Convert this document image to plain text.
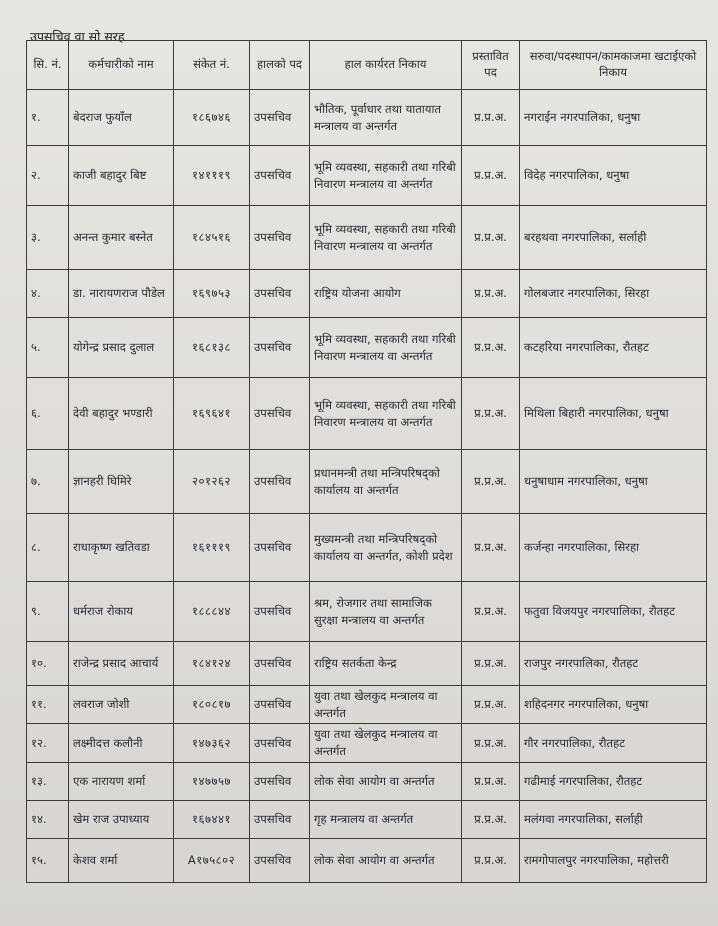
उपसचिव वा सो सरह
सि. नं.	कर्मचारीको नाम	संकेत नं.	हालको पद	हाल कार्यरत निकाय	प्रस्तावित पद	सरुवा/पदस्थापन/कामकाजमा खटाईएको निकाय
१.	बेदराज फुयाँल	१८६७४६	उपसचिव	भौतिक, पूर्वाधार तथा यातायात मन्त्रालय वा अन्तर्गत	प्र.प्र.अ.	नगराईन नगरपालिका, धनुषा
२.	काजी बहादुर बिष्ट	१४१११९	उपसचिव	भूमि व्यवस्था, सहकारी तथा गरिबी निवारण मन्त्रालय वा अन्तर्गत	प्र.प्र.अ.	विदेह नगरपालिका, धनुषा
३.	अनन्त कुमार बस्नेत	१८४५१६	उपसचिव	भूमि व्यवस्था, सहकारी तथा गरिबी निवारण मन्त्रालय वा अन्तर्गत	प्र.प्र.अ.	बरहथवा नगरपालिका, सर्लाही
४.	डा. नारायणराज पौडेल	१६९७५३	उपसचिव	राष्ट्रिय योजना आयोग	प्र.प्र.अ.	गोलबजार नगरपालिका, सिरहा
५.	योगेन्द्र प्रसाद दुलाल	१६८१३८	उपसचिव	भूमि व्यवस्था, सहकारी तथा गरिबी निवारण मन्त्रालय वा अन्तर्गत	प्र.प्र.अ.	कटहरिया नगरपालिका, रौतहट
६.	देवी बहादुर भण्डारी	१६९६४१	उपसचिव	भूमि व्यवस्था, सहकारी तथा गरिबी निवारण मन्त्रालय वा अन्तर्गत	प्र.प्र.अ.	मिथिला बिहारी नगरपालिका, धनुषा
७.	ज्ञानहरी घिमिरे	२०१२६२	उपसचिव	प्रधानमन्त्री तथा मन्त्रिपरिषद्को कार्यालय वा अन्तर्गत	प्र.प्र.अ.	धनुषाधाम नगरपालिका, धनुषा
८.	राधाकृष्ण खतिवडा	१६१११९	उपसचिव	मुख्यमन्त्री तथा मन्त्रिपरिषद्को कार्यालय वा अन्तर्गत, कोशी प्रदेश	प्र.प्र.अ.	कर्जन्हा नगरपालिका, सिरहा
९.	धर्मराज रोकाय	१८८८४४	उपसचिव	श्रम, रोजगार तथा सामाजिक सुरक्षा मन्त्रालय वा अन्तर्गत	प्र.प्र.अ.	फतुवा विजयपुर नगरपालिका, रौतहट
१०.	राजेन्द्र प्रसाद आचार्य	१८४१२४	उपसचिव	राष्ट्रिय सतर्कता केन्द्र	प्र.प्र.अ.	राजपुर नगरपालिका, रौतहट
११.	लवराज जोशी	१८०८१७	उपसचिव	युवा तथा खेलकुद मन्त्रालय वा अन्तर्गत	प्र.प्र.अ.	शहिदनगर नगरपालिका, धनुषा
१२.	लक्ष्मीदत्त कलौनी	१४७३६२	उपसचिव	युवा तथा खेलकुद मन्त्रालय वा अन्तर्गत	प्र.प्र.अ.	गौर नगरपालिका, रौतहट
१३.	एक नारायण शर्मा	१४७७५७	उपसचिव	लोक सेवा आयोग वा अन्तर्गत	प्र.प्र.अ.	गढीमाई नगरपालिका, रौतहट
१४.	खेम राज उपाध्याय	१६७४४१	उपसचिव	गृह मन्त्रालय वा अन्तर्गत	प्र.प्र.अ.	मलंगवा नगरपालिका, सर्लाही
१५.	केशव शर्मा	A१७५८०२	उपसचिव	लोक सेवा आयोग वा अन्तर्गत	प्र.प्र.अ.	रामगोपालपुर नगरपालिका, महोत्तरी
